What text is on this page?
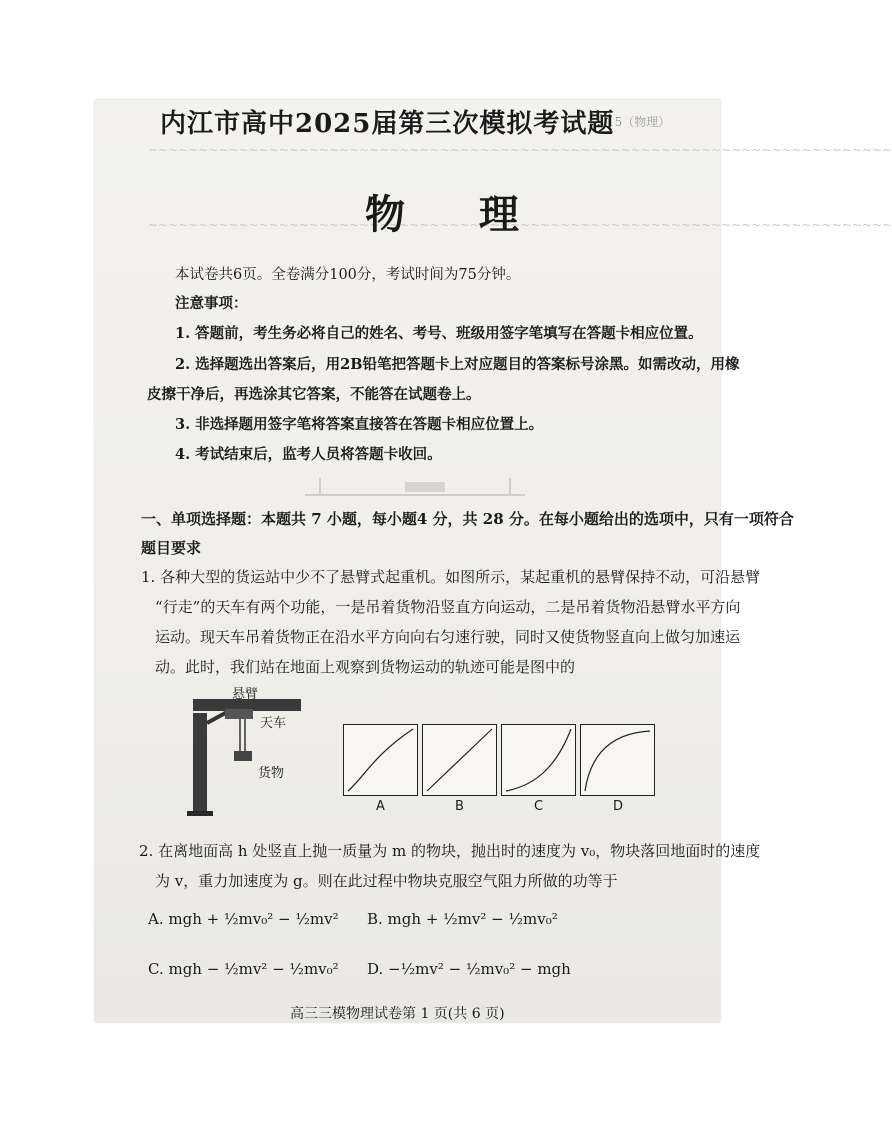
~~~~~~~~~~~~~~~~~~~~~~~~~~~~~~~~~~~~~~~~~~~~~~~~~~~~~~~~~~~~~~~~~~~~~~~~~~
~~~~~~~~~~~~~~~~~~~~~~~~~~~~~~~~~~~~~~~~~~~~~~~~~~~~~~~~~~~~~~~~~~~~~~~~~~
15（物理）
内江市高中2025届第三次模拟考试题
物 理
本试卷共6页。全卷满分100分，考试时间为75分钟。
注意事项：
1. 答题前，考生务必将自己的姓名、考号、班级用签字笔填写在答题卡相应位置。
2. 选择题选出答案后，用2B铅笔把答题卡上对应题目的答案标号涂黑。如需改动，用橡
皮擦干净后，再选涂其它答案，不能答在试题卷上。
3. 非选择题用签字笔将答案直接答在答题卡相应位置上。
4. 考试结束后，监考人员将答题卡收回。
一、单项选择题：本题共 7 小题，每小题4 分，共 28 分。在每小题给出的选项中，只有一项符合
题目要求
1. 各种大型的货运站中少不了悬臂式起重机。如图所示，某起重机的悬臂保持不动，可沿悬臂
“行走”的天车有两个功能，一是吊着货物沿竖直方向运动，二是吊着货物沿悬臂水平方向
运动。现天车吊着货物正在沿水平方向向右匀速行驶，同时又使货物竖直向上做匀加速运
动。此时，我们站在地面上观察到货物运动的轨迹可能是图中的
悬臂
天车
货物
A	B	C	D
2. 在离地面高 h 处竖直上抛一质量为 m 的物块，抛出时的速度为 v₀，物块落回地面时的速度
为 v，重力加速度为 g。则在此过程中物块克服空气阻力所做的功等于
A. mgh + ½mv₀² − ½mv² B. mgh + ½mv² − ½mv₀²
C. mgh − ½mv² − ½mv₀² D. −½mv² − ½mv₀² − mgh
高三三模物理试卷第 1 页(共 6 页)
